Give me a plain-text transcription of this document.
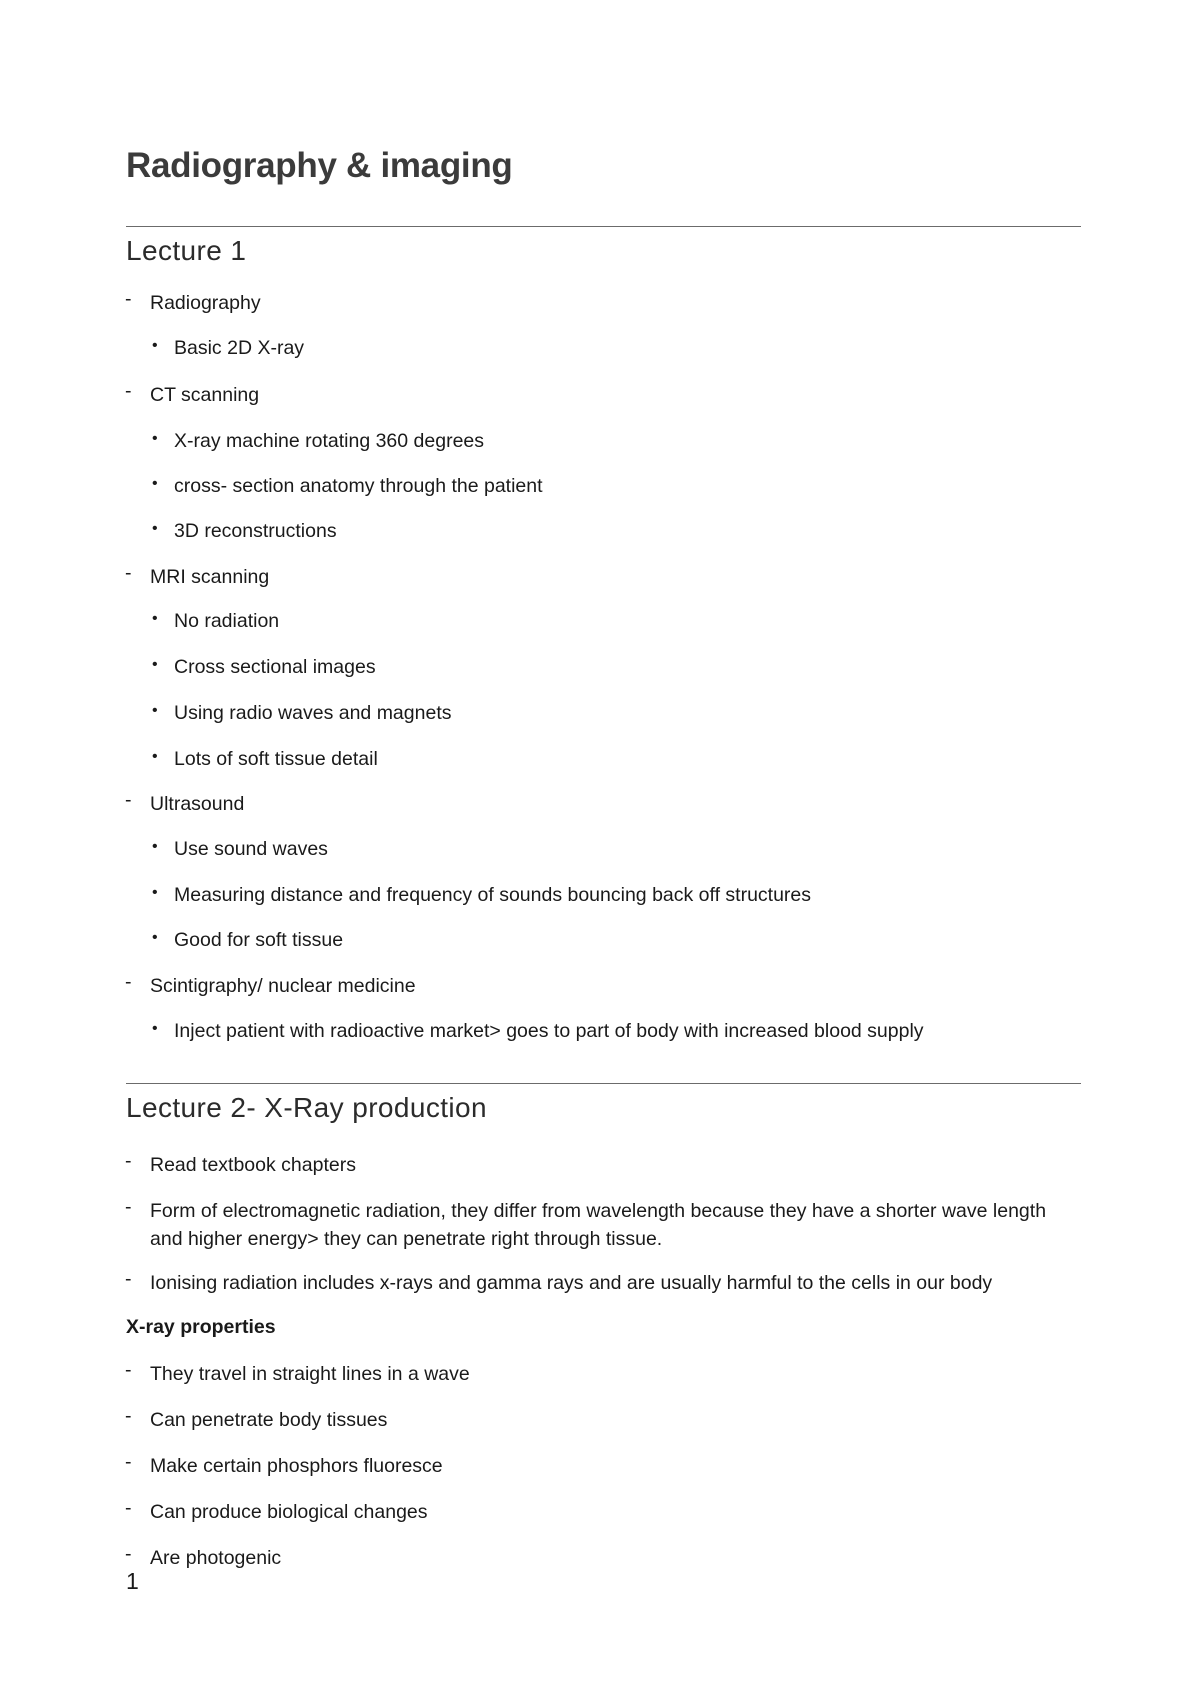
Radiography & imaging
Lecture 1
- Radiography
• Basic 2D X-ray
- CT scanning
• X-ray machine rotating 360 degrees
• cross- section anatomy through the patient
• 3D reconstructions
- MRI scanning
• No radiation
• Cross sectional images
• Using radio waves and magnets
• Lots of soft tissue detail
- Ultrasound
• Use sound waves
• Measuring distance and frequency of sounds bouncing back off structures
• Good for soft tissue
- Scintigraphy/ nuclear medicine
• Inject patient with radioactive market> goes to part of body with increased blood supply
Lecture 2- X-Ray production
- Read textbook chapters
- Form of electromagnetic radiation, they differ from wavelength because they have a shorter wave length and higher energy> they can penetrate right through tissue.
- Ionising radiation includes x-rays and gamma rays and are usually harmful to the cells in our body
X-ray properties
- They travel in straight lines in a wave
- Can penetrate body tissues
- Make certain phosphors fluoresce
- Can produce biological changes
- Are photogenic
1
